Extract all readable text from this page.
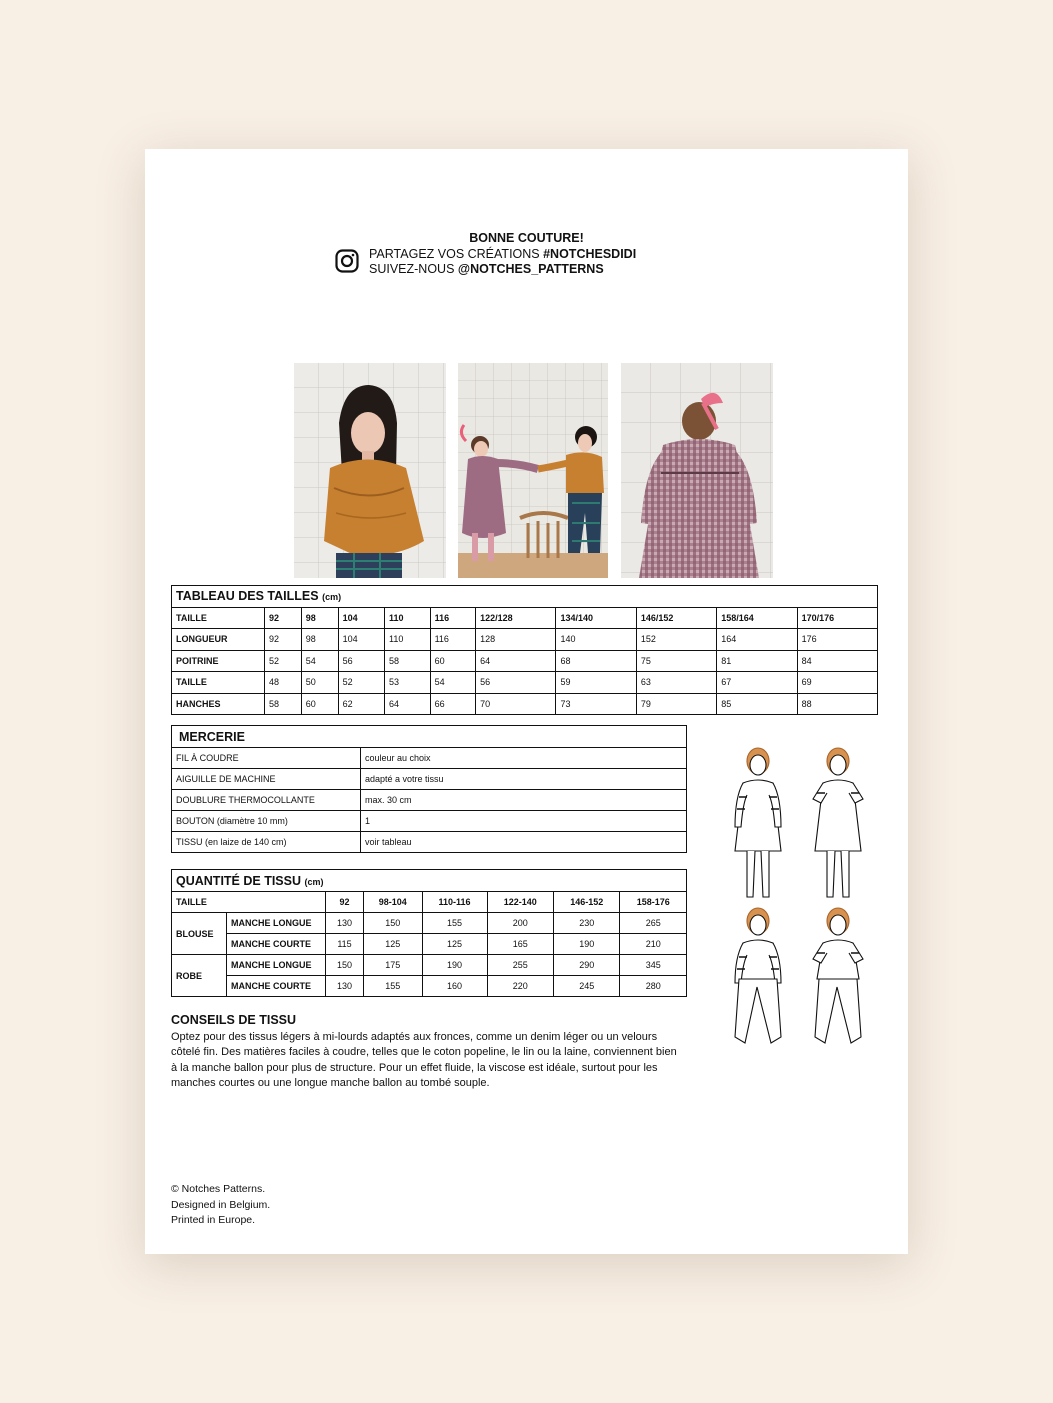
BONNE COUTURE!
PARTAGEZ VOS CRÉATIONS #NOTCHESDIDI
SUIVEZ-NOUS @NOTCHES_PATTERNS
TABLEAU DES TAILLES (cm)										
TAILLE	92	98	104	110	116	122/128	134/140	146/152	158/164	170/176
LONGUEUR	92	98	104	110	116	128	140	152	164	176
POITRINE	52	54	56	58	60	64	68	75	81	84
TAILLE	48	50	52	53	54	56	59	63	67	69
HANCHES	58	60	62	64	66	70	73	79	85	88
MERCERIE	
FIL À COUDRE	couleur au choix
AIGUILLE DE MACHINE	adapté a votre tissu
DOUBLURE THERMOCOLLANTE	max. 30 cm
BOUTON (diamètre 10 mm)	1
TISSU (en laize de 140 cm)	voir tableau
QUANTITÉ DE TISSU (cm)							
TAILLE		92	98-104	110-116	122-140	146-152	158-176
BLOUSE	MANCHE LONGUE	130	150	155	200	230	265
	MANCHE COURTE	115	125	125	165	190	210
ROBE	MANCHE LONGUE	150	175	190	255	290	345
	MANCHE COURTE	130	155	160	220	245	280
CONSEILS DE TISSU

Optez pour des tissus légers à mi-lourds adaptés aux fronces, comme un denim léger ou un velours côtelé fin. Des matières faciles à coudre, telles que le coton popeline, le lin ou la laine, conviennent bien à la manche ballon pour plus de structure. Pour un effet fluide, la viscose est idéale, surtout pour les manches courtes ou une longue manche ballon au tombé souple.

© Notches Patterns.
Designed in Belgium.
Printed in Europe.
